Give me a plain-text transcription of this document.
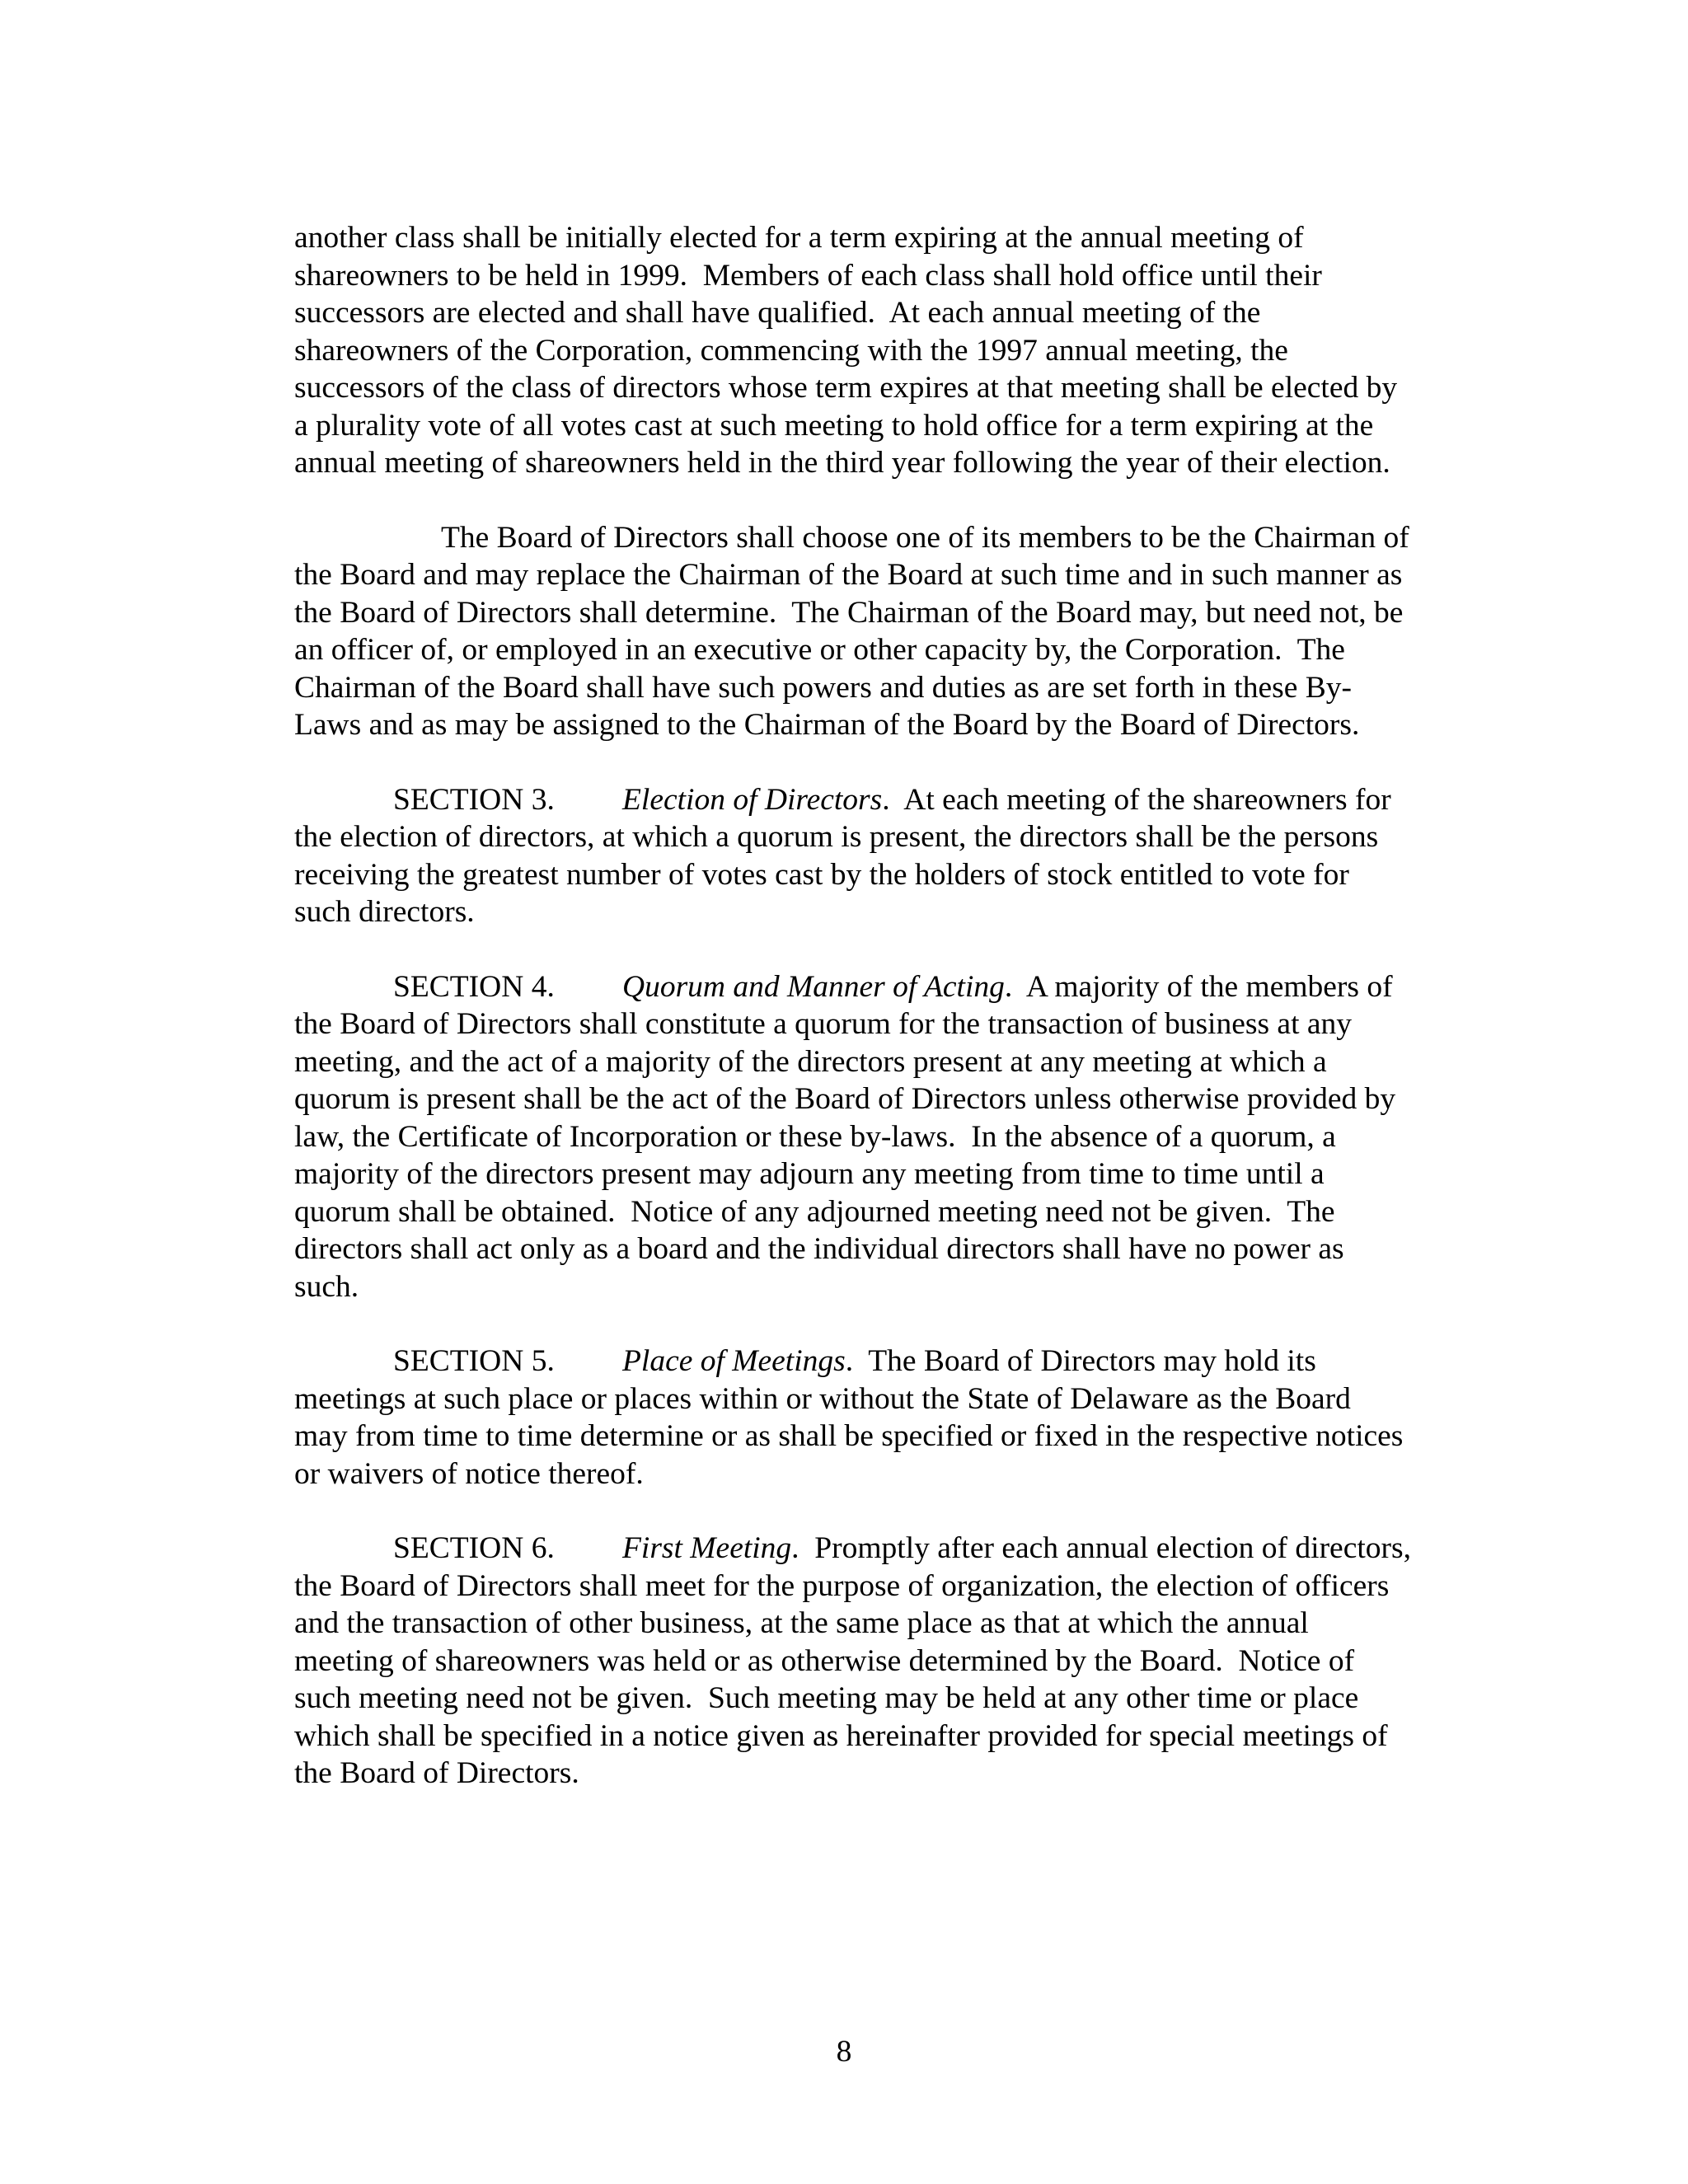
another class shall be initially elected for a term expiring at the annual meeting of
shareowners to be held in 1999.  Members of each class shall hold office until their
successors are elected and shall have qualified.  At each annual meeting of the
shareowners of the Corporation, commencing with the 1997 annual meeting, the
successors of the class of directors whose term expires at that meeting shall be elected by
a plurality vote of all votes cast at such meeting to hold office for a term expiring at the
annual meeting of shareowners held in the third year following the year of their election.

The Board of Directors shall choose one of its members to be the Chairman of
the Board and may replace the Chairman of the Board at such time and in such manner as
the Board of Directors shall determine.  The Chairman of the Board may, but need not, be
an officer of, or employed in an executive or other capacity by, the Corporation.  The
Chairman of the Board shall have such powers and duties as are set forth in these By-
Laws and as may be assigned to the Chairman of the Board by the Board of Directors.

SECTION 3. Election of Directors.  At each meeting of the shareowners for
the election of directors, at which a quorum is present, the directors shall be the persons
receiving the greatest number of votes cast by the holders of stock entitled to vote for
such directors.

SECTION 4. Quorum and Manner of Acting.  A majority of the members of
the Board of Directors shall constitute a quorum for the transaction of business at any
meeting, and the act of a majority of the directors present at any meeting at which a
quorum is present shall be the act of the Board of Directors unless otherwise provided by
law, the Certificate of Incorporation or these by-laws.  In the absence of a quorum, a
majority of the directors present may adjourn any meeting from time to time until a
quorum shall be obtained.  Notice of any adjourned meeting need not be given.  The
directors shall act only as a board and the individual directors shall have no power as
such.

SECTION 5. Place of Meetings.  The Board of Directors may hold its
meetings at such place or places within or without the State of Delaware as the Board
may from time to time determine or as shall be specified or fixed in the respective notices
or waivers of notice thereof.

SECTION 6. First Meeting.  Promptly after each annual election of directors,
the Board of Directors shall meet for the purpose of organization, the election of officers
and the transaction of other business, at the same place as that at which the annual
meeting of shareowners was held or as otherwise determined by the Board.  Notice of
such meeting need not be given.  Such meeting may be held at any other time or place
which shall be specified in a notice given as hereinafter provided for special meetings of
the Board of Directors.

8
